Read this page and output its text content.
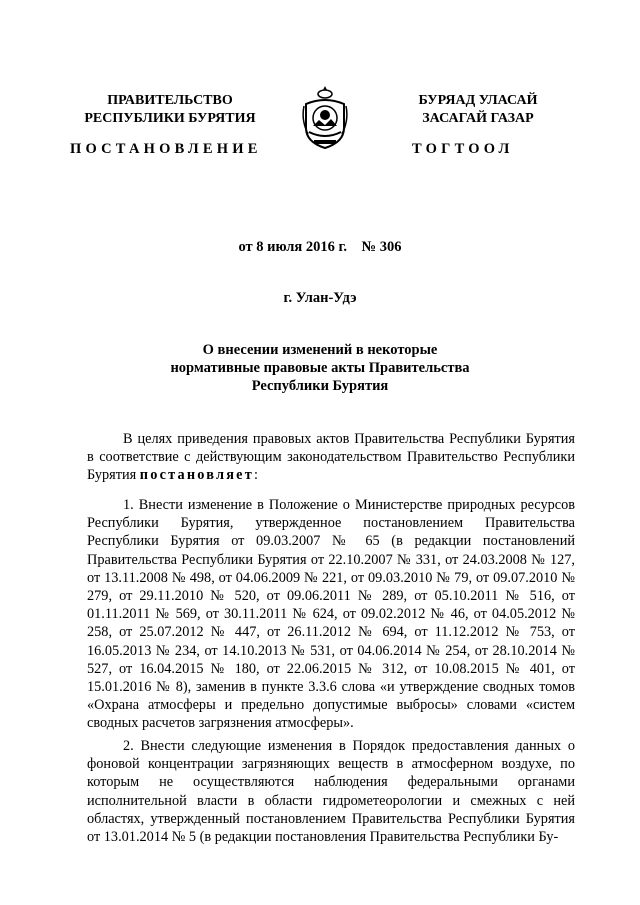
ПРАВИТЕЛЬСТВО
РЕСПУБЛИКИ БУРЯТИЯ
БУРЯАД УЛАСАЙ
ЗАСАГАЙ ГАЗАР
ПОСТАНОВЛЕНИЕ	ТОГТООЛ
от 8 июля 2016 г. № 306
г. Улан-Удэ
О внесении изменений в некоторые
нормативные правовые акты Правительства
Республики Бурятия
В целях приведения правовых актов Правительства Республики Бурятия в соответствие с действующим законодательством Правительство Республики Бурятия постановляет:
1. Внести изменение в Положение о Министерстве природных ресурсов Республики Бурятия, утвержденное постановлением Правительства Республики Бурятия от 09.03.2007 № 65 (в редакции постановлений Правительства Республики Бурятия от 22.10.2007 № 331, от 24.03.2008 № 127, от 13.11.2008 № 498, от 04.06.2009 № 221, от 09.03.2010 № 79, от 09.07.2010 № 279, от 29.11.2010 № 520, от 09.06.2011 № 289, от 05.10.2011 № 516, от 01.11.2011 № 569, от 30.11.2011 № 624, от 09.02.2012 № 46, от 04.05.2012 № 258, от 25.07.2012 № 447, от 26.11.2012 № 694, от 11.12.2012 № 753, от 16.05.2013 № 234, от 14.10.2013 № 531, от 04.06.2014 № 254, от 28.10.2014 № 527, от 16.04.2015 № 180, от 22.06.2015 № 312, от 10.08.2015 № 401, от 15.01.2016 № 8), заменив в пункте 3.3.6 слова «и утверждение сводных томов «Охрана атмосферы и предельно допустимые выбросы» словами «систем сводных расчетов загрязнения атмосферы».
2. Внести следующие изменения в Порядок предоставления данных о фоновой концентрации загрязняющих веществ в атмосферном воздухе, по которым не осуществляются наблюдения федеральными органами исполнительной власти в области гидрометеорологии и смежных с ней областях, утвержденный постановлением Правительства Республики Бурятия от 13.01.2014 № 5 (в редакции постановления Правительства Республики Бу-
